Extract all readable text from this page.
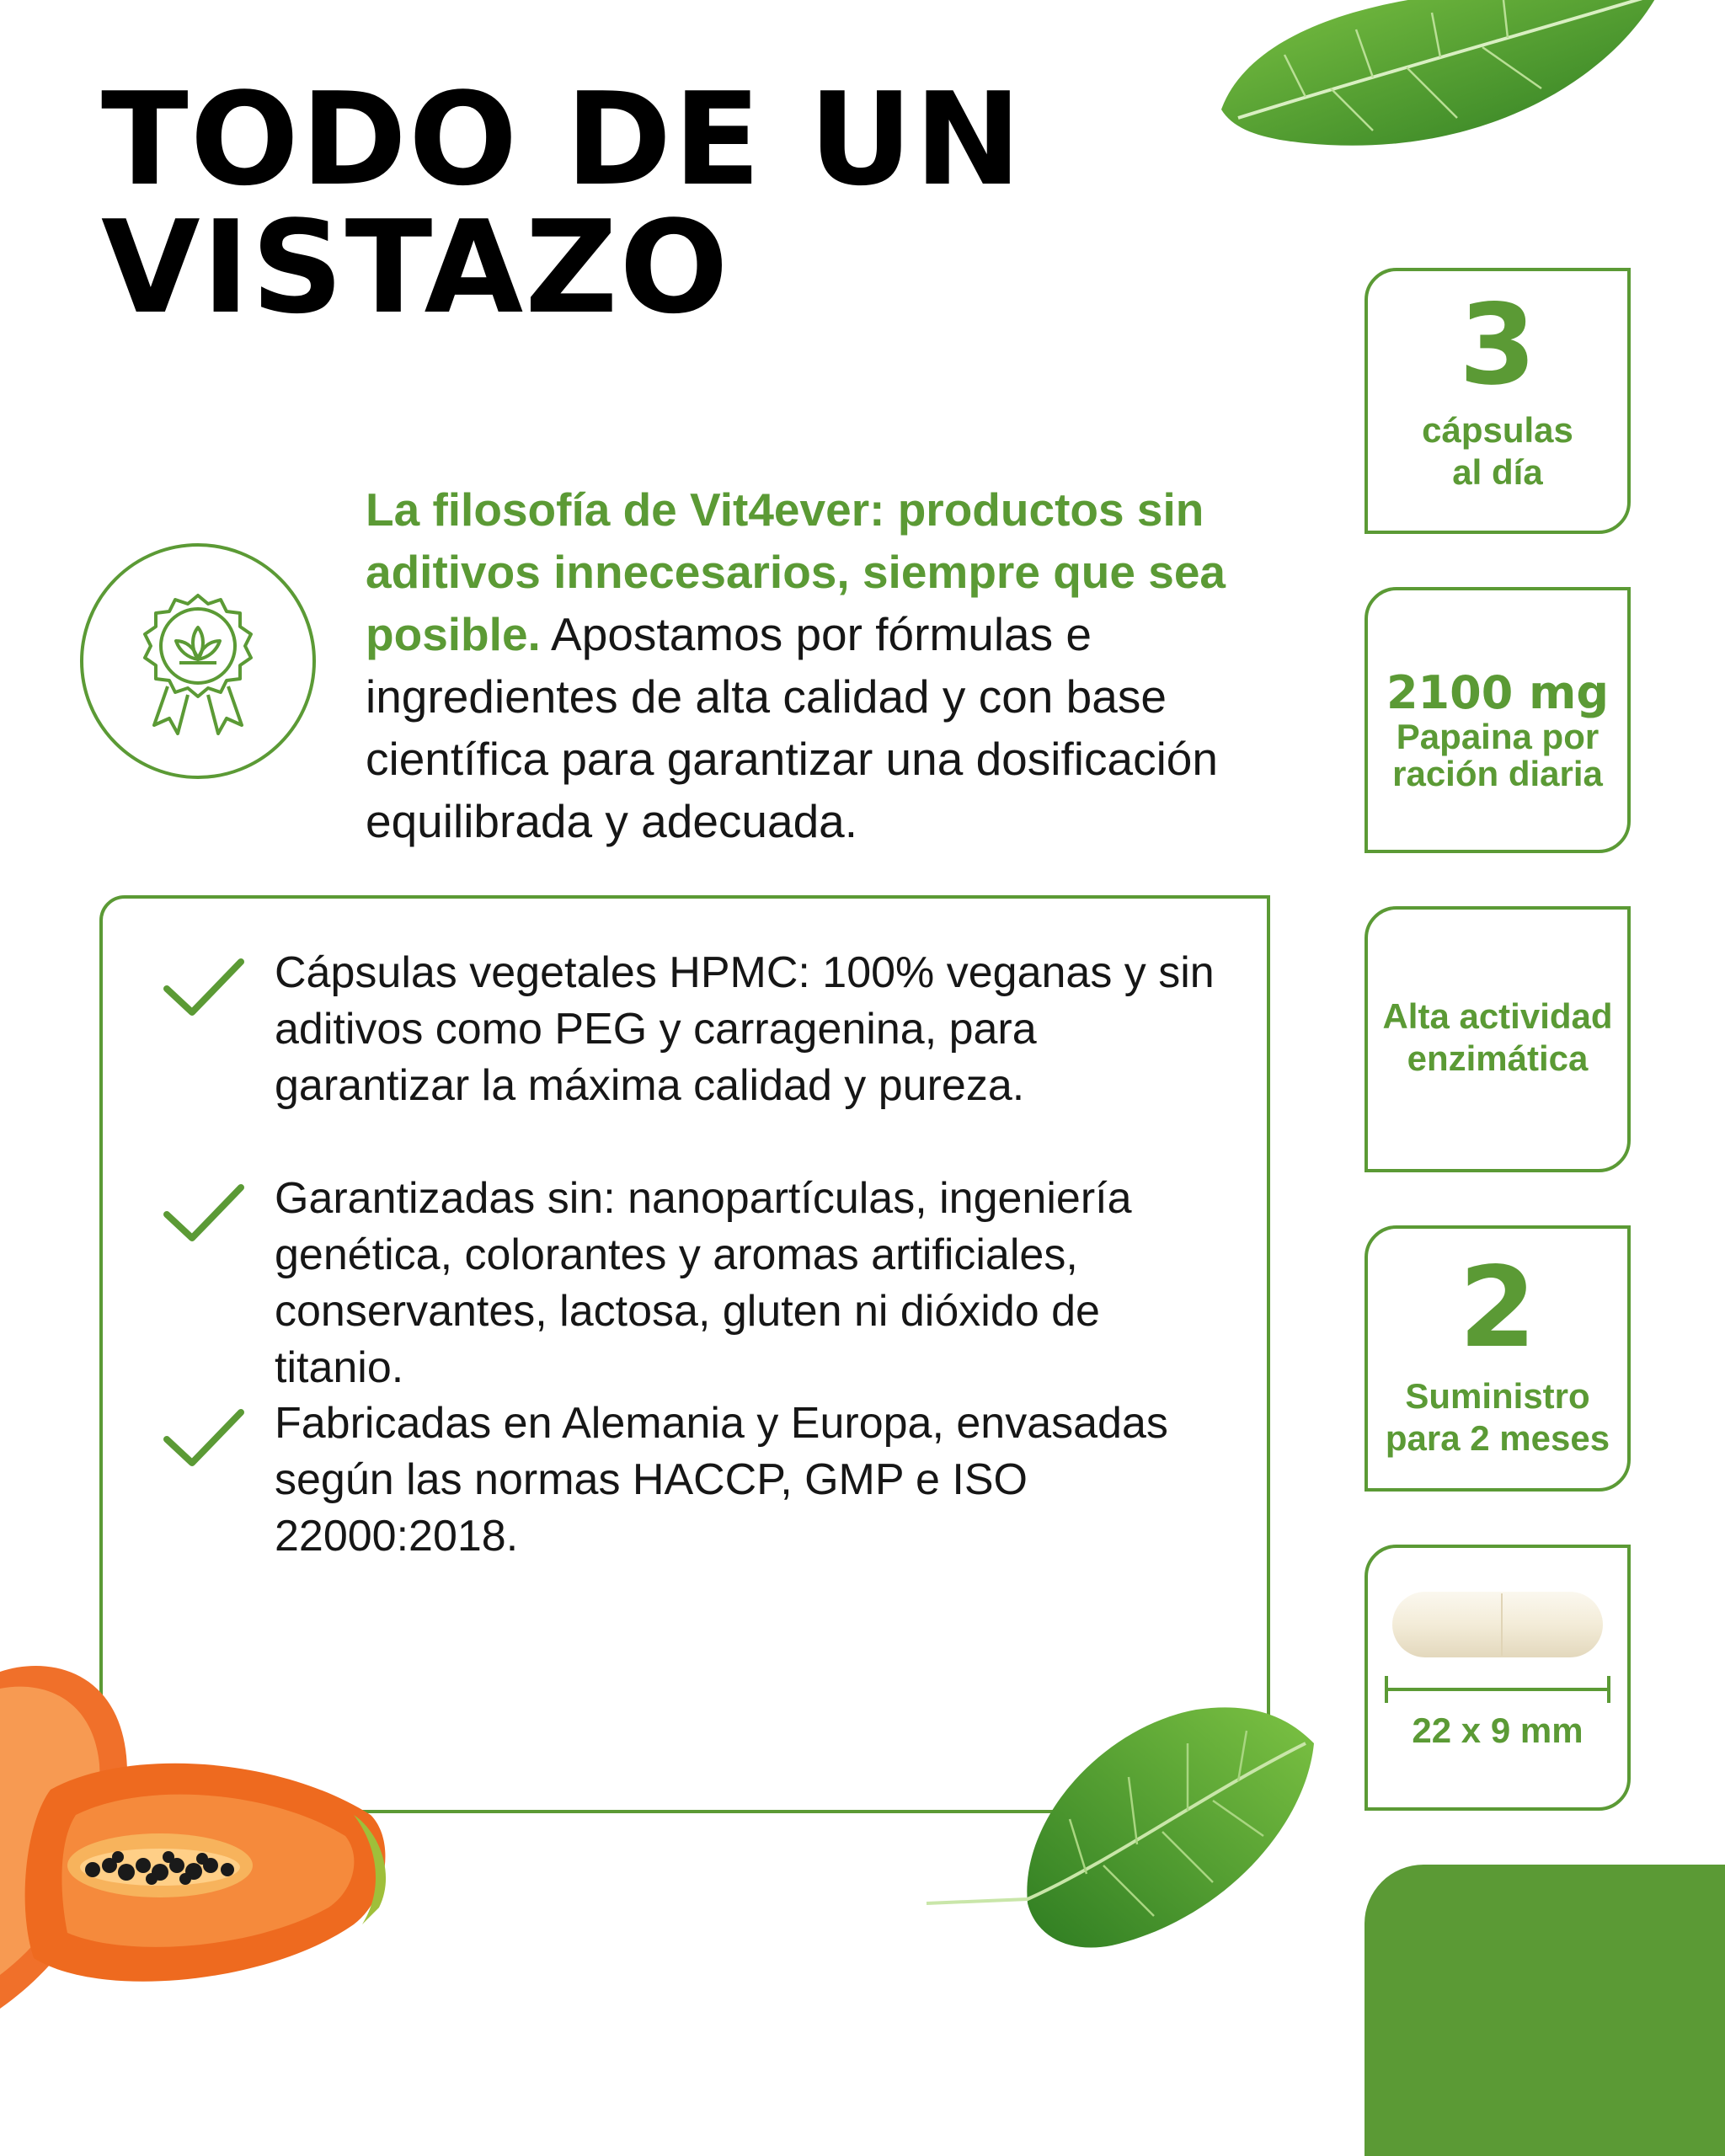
TODO DE UN
VISTAZO

La filosofía de Vit4ever: productos sin aditivos innecesarios, siempre que sea posible. Apostamos por fórmulas e ingredientes de alta calidad y con base científica para garantizar una dosificación equilibrada y adecuada.

Cápsulas vegetales HPMC: 100% veganas y sin aditivos como PEG y carragenina, para garantizar la máxima calidad y pureza.
Garantizadas sin: nanopartículas, ingeniería genética, colorantes y aromas artificiales, conservantes, lactosa, gluten ni dióxido de titanio.
Fabricadas en Alemania y Europa, envasadas según las normas HACCP, GMP e ISO 22000:2018.
3
cápsulas
al día
2100 mg
Papaina por
ración diaria
Alta actividad
enzimática
2
Suministro
para 2 meses
22 x 9 mm
